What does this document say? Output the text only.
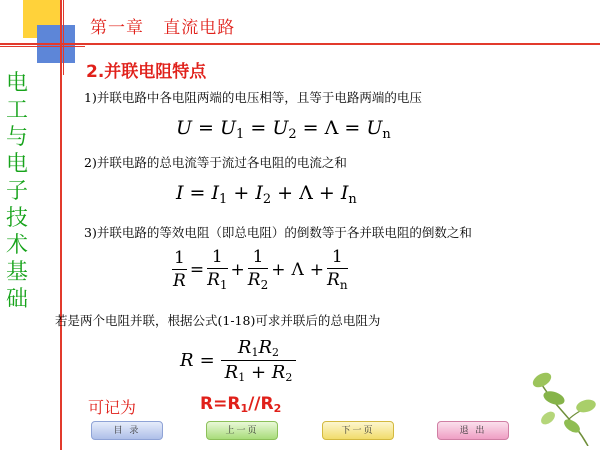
第一章   直流电路
电
工
与
电
子
技
术
基
础
2.并联电阻特点
1)并联电路中各电阻两端的电压相等，且等于电路两端的电压
$U = U_1 = U_2 = \Lambda = U_n$
2)并联电路的总电流等于流过各电阻的电流之和
$I = I_1 + I_2 + \Lambda + I_n$
3)并联电路的等效电阻（即总电阻）的倒数等于各并联电阻的倒数之和
$\frac{1}{R} = \frac{1}{R_1} + \frac{1}{R_2} + \Lambda + \frac{1}{R_n}$
若是两个电阻并联，根据公式(1-18)可求并联后的总电阻为
$R = \frac{R_1R_2}{R_1 + R_2}$
可记为	$R=R_1//R_2$
目 录	上一页	下一页	退 出
